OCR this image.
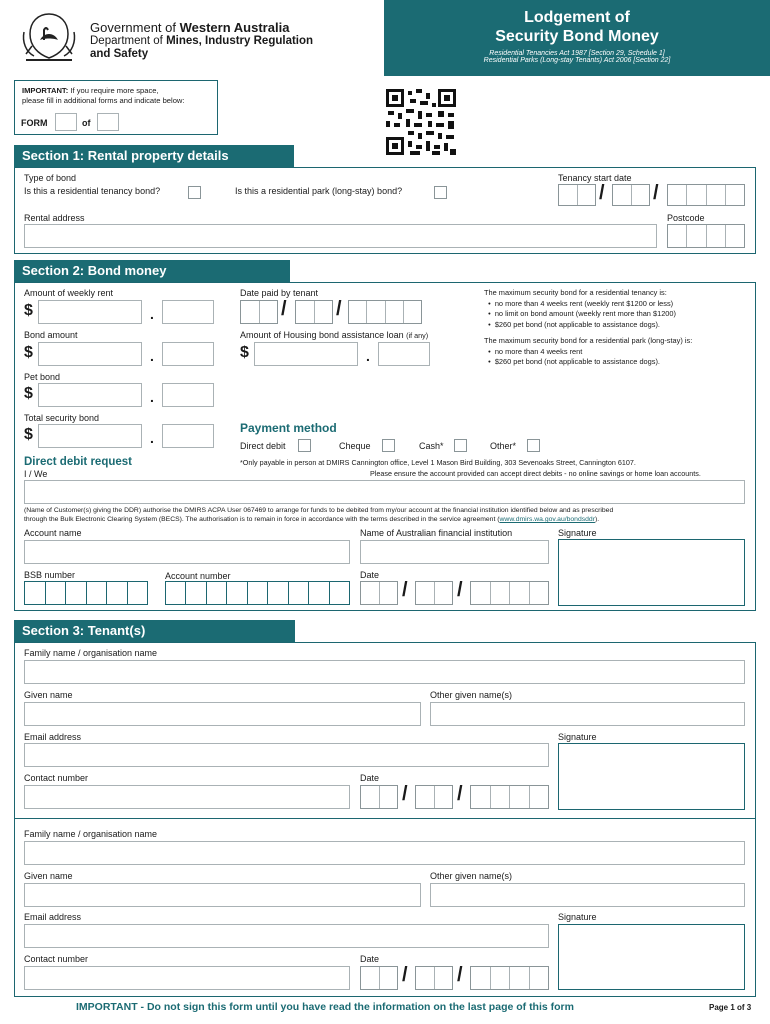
Government of Western Australia
Department of Mines, Industry Regulation
and Safety
Lodgement of
Security Bond Money
Residential Tenancies Act 1987 [Section 29, Schedule 1]
Residential Parks (Long-stay Tenants) Act 2006 [Section 22]
IMPORTANT: If you require more space,
please fill in additional forms and indicate below:
FORM	of
Section 1: Rental property details
Type of bond
Is this a residential tenancy bond?	Is this a residential park (long-stay) bond?
Tenancy start date
/ /
Rental address	Postcode
Section 2: Bond money
Amount of weekly rent
$	.
Bond amount
$	.
Pet bond
$	.
Total security bond
$	.
Date paid by tenant
/ /
Amount of Housing bond assistance loan (if any)
$	.
The maximum security bond for a residential tenancy is:
•  no more than 4 weeks rent (weekly rent $1200 or less)
•  no limit on bond amount (weekly rent more than $1200)
•  $260 pet bond (not applicable to assistance dogs).
The maximum security bond for a residential park (long-stay) is:
•  no more than 4 weeks rent
•  $260 pet bond (not applicable to assistance dogs).
Payment method
Direct debit	Cheque	Cash*	Other*
*Only payable in person at DMIRS Cannington office, Level 1 Mason Bird Building, 303 Sevenoaks Street, Cannington 6107.
Direct debit request
I / We	Please ensure the account provided can accept direct debits - no online savings or home loan accounts.
(Name of Customer(s) giving the DDR) authorise the DMIRS ACPA User 067469 to arrange for funds to be debited from my/our account at the financial institution identified below and as prescribed
through the Bulk Electronic Clearing System (BECS). The authorisation is to remain in force in accordance with the terms described in the service agreement (www.dmirs.wa.gov.au/bondsddr).
Account name	Name of Australian financial institution	Signature
BSB number	Account number	Date
/ /
Section 3: Tenant(s)
Family name / organisation name
Given name	Other given name(s)
Email address	Signature
Contact number	Date
/ /
Family name / organisation name
Given name	Other given name(s)
Email address	Signature
Contact number	Date
/ /
IMPORTANT - Do not sign this form until you have read the information on the last page of this form	Page 1 of 3
